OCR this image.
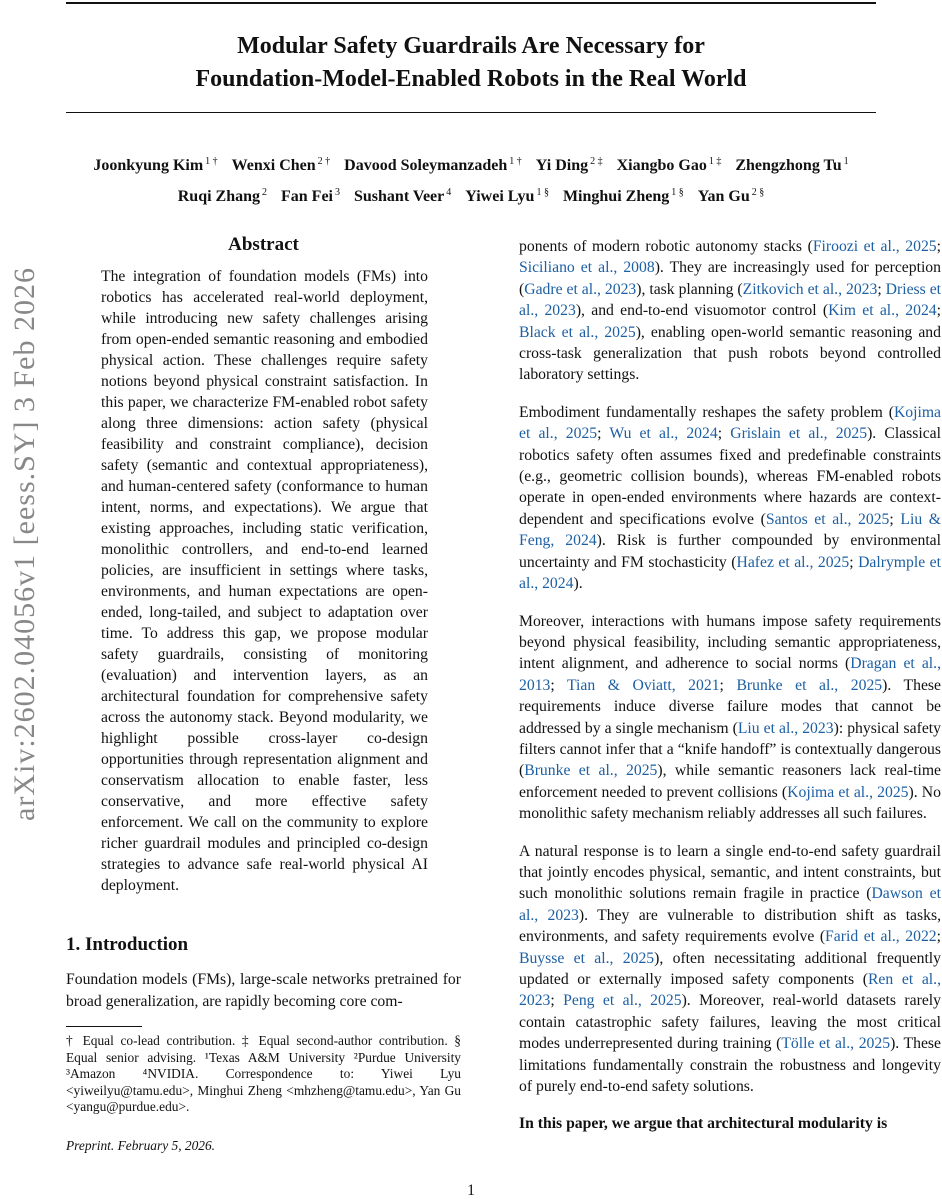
Modular Safety Guardrails Are Necessary for
Foundation-Model-Enabled Robots in the Real World
Joonkyung Kim $^{1 \dagger}$ Wenxi Chen $^{2 \dagger}$ Davood Soleymanzadeh $^{1 \dagger}$ Yi Ding $^{2 \ddagger}$ Xiangbo Gao $^{1 \ddagger}$ Zhengzhong Tu $^1$
Ruqi Zhang $^2$ Fan Fei $^3$ Sushant Veer $^4$ Yiwei Lyu $^{1 \S}$ Minghui Zheng $^{1 \S}$ Yan Gu $^{2 \S}$
arXiv:2602.04056v1 [eess.SY] 3 Feb 2026
Abstract

The integration of foundation models (FMs) into robotics has accelerated real-world deployment, while introducing new safety challenges arising from open-ended semantic reasoning and embodied physical action. These challenges require safety notions beyond physical constraint satisfaction. In this paper, we characterize FM-enabled robot safety along three dimensions: action safety (physical feasibility and constraint compliance), decision safety (semantic and contextual appropriateness), and human-centered safety (conformance to human intent, norms, and expectations). We argue that existing approaches, including static verification, monolithic controllers, and end-to-end learned policies, are insufficient in settings where tasks, environments, and human expectations are open-ended, long-tailed, and subject to adaptation over time. To address this gap, we propose modular safety guardrails, consisting of monitoring (evaluation) and intervention layers, as an architectural foundation for comprehensive safety across the autonomy stack. Beyond modularity, we highlight possible cross-layer co-design opportunities through representation alignment and conservatism allocation to enable faster, less conservative, and more effective safety enforcement. We call on the community to explore richer guardrail modules and principled co-design strategies to advance safe real-world physical AI deployment.

1. Introduction

Foundation models (FMs), large-scale networks pretrained for broad generalization, are rapidly becoming core com-

† Equal co-lead contribution. ‡ Equal second-author contribution. § Equal senior advising. ¹Texas A&M University ²Purdue University ³Amazon ⁴NVIDIA. Correspondence to: Yiwei Lyu <yiweilyu@tamu.edu>, Minghui Zheng <mhzheng@tamu.edu>, Yan Gu <yangu@purdue.edu>.

Preprint. February 5, 2026.

ponents of modern robotic autonomy stacks (Firoozi et al., 2025; Siciliano et al., 2008). They are increasingly used for perception (Gadre et al., 2023), task planning (Zitkovich et al., 2023; Driess et al., 2023), and end-to-end visuomotor control (Kim et al., 2024; Black et al., 2025), enabling open-world semantic reasoning and cross-task generalization that push robots beyond controlled laboratory settings.

Embodiment fundamentally reshapes the safety problem (Kojima et al., 2025; Wu et al., 2024; Grislain et al., 2025). Classical robotics safety often assumes fixed and predefinable constraints (e.g., geometric collision bounds), whereas FM-enabled robots operate in open-ended environments where hazards are context-dependent and specifications evolve (Santos et al., 2025; Liu & Feng, 2024). Risk is further compounded by environmental uncertainty and FM stochasticity (Hafez et al., 2025; Dalrymple et al., 2024).

Moreover, interactions with humans impose safety requirements beyond physical feasibility, including semantic appropriateness, intent alignment, and adherence to social norms (Dragan et al., 2013; Tian & Oviatt, 2021; Brunke et al., 2025). These requirements induce diverse failure modes that cannot be addressed by a single mechanism (Liu et al., 2023): physical safety filters cannot infer that a “knife handoff” is contextually dangerous (Brunke et al., 2025), while semantic reasoners lack real-time enforcement needed to prevent collisions (Kojima et al., 2025). No monolithic safety mechanism reliably addresses all such failures.

A natural response is to learn a single end-to-end safety guardrail that jointly encodes physical, semantic, and intent constraints, but such monolithic solutions remain fragile in practice (Dawson et al., 2023). They are vulnerable to distribution shift as tasks, environments, and safety requirements evolve (Farid et al., 2022; Buysse et al., 2025), often necessitating additional frequently updated or externally imposed safety components (Ren et al., 2023; Peng et al., 2025). Moreover, real-world datasets rarely contain catastrophic safety failures, leaving the most critical modes underrepresented during training (Tölle et al., 2025). These limitations fundamentally constrain the robustness and longevity of purely end-to-end safety solutions.

In this paper, we argue that architectural modularity is

1
